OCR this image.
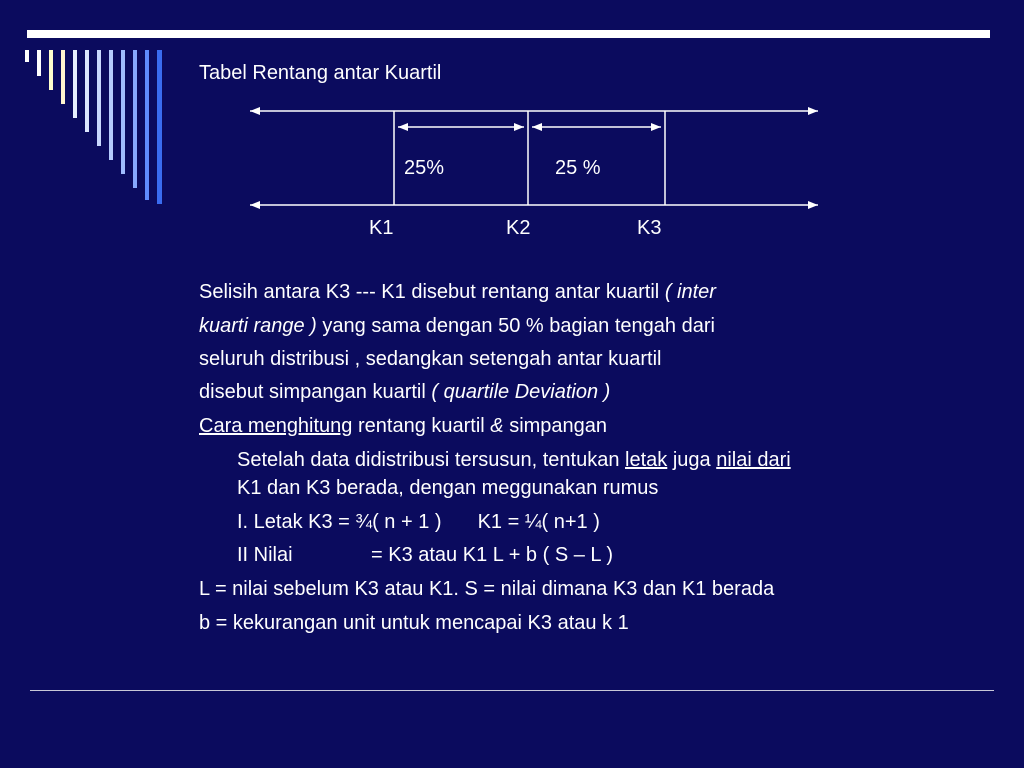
Tabel Rentang antar Kuartil
25%	25 %
K1	K2	K3
Selisih antara K3 --- K1 disebut rentang antar kuartil ( inter
kuarti range ) yang sama dengan 50 % bagian tengah dari
seluruh distribusi , sedangkan setengah antar kuartil
disebut simpangan kuartil ( quartile Deviation )
Cara menghitung rentang kuartil & simpangan
Setelah data didistribusi tersusun, tentukan letak juga nilai dari
K1 dan K3 berada, dengan meggunakan rumus
I. Letak K3 = ¾( n + 1 ) K1 = ¼( n+1 )
II Nilai	= K3 atau K1 L + b ( S – L )
L = nilai sebelum K3 atau K1. S = nilai dimana K3 dan K1 berada
b = kekurangan unit untuk mencapai K3 atau k 1
